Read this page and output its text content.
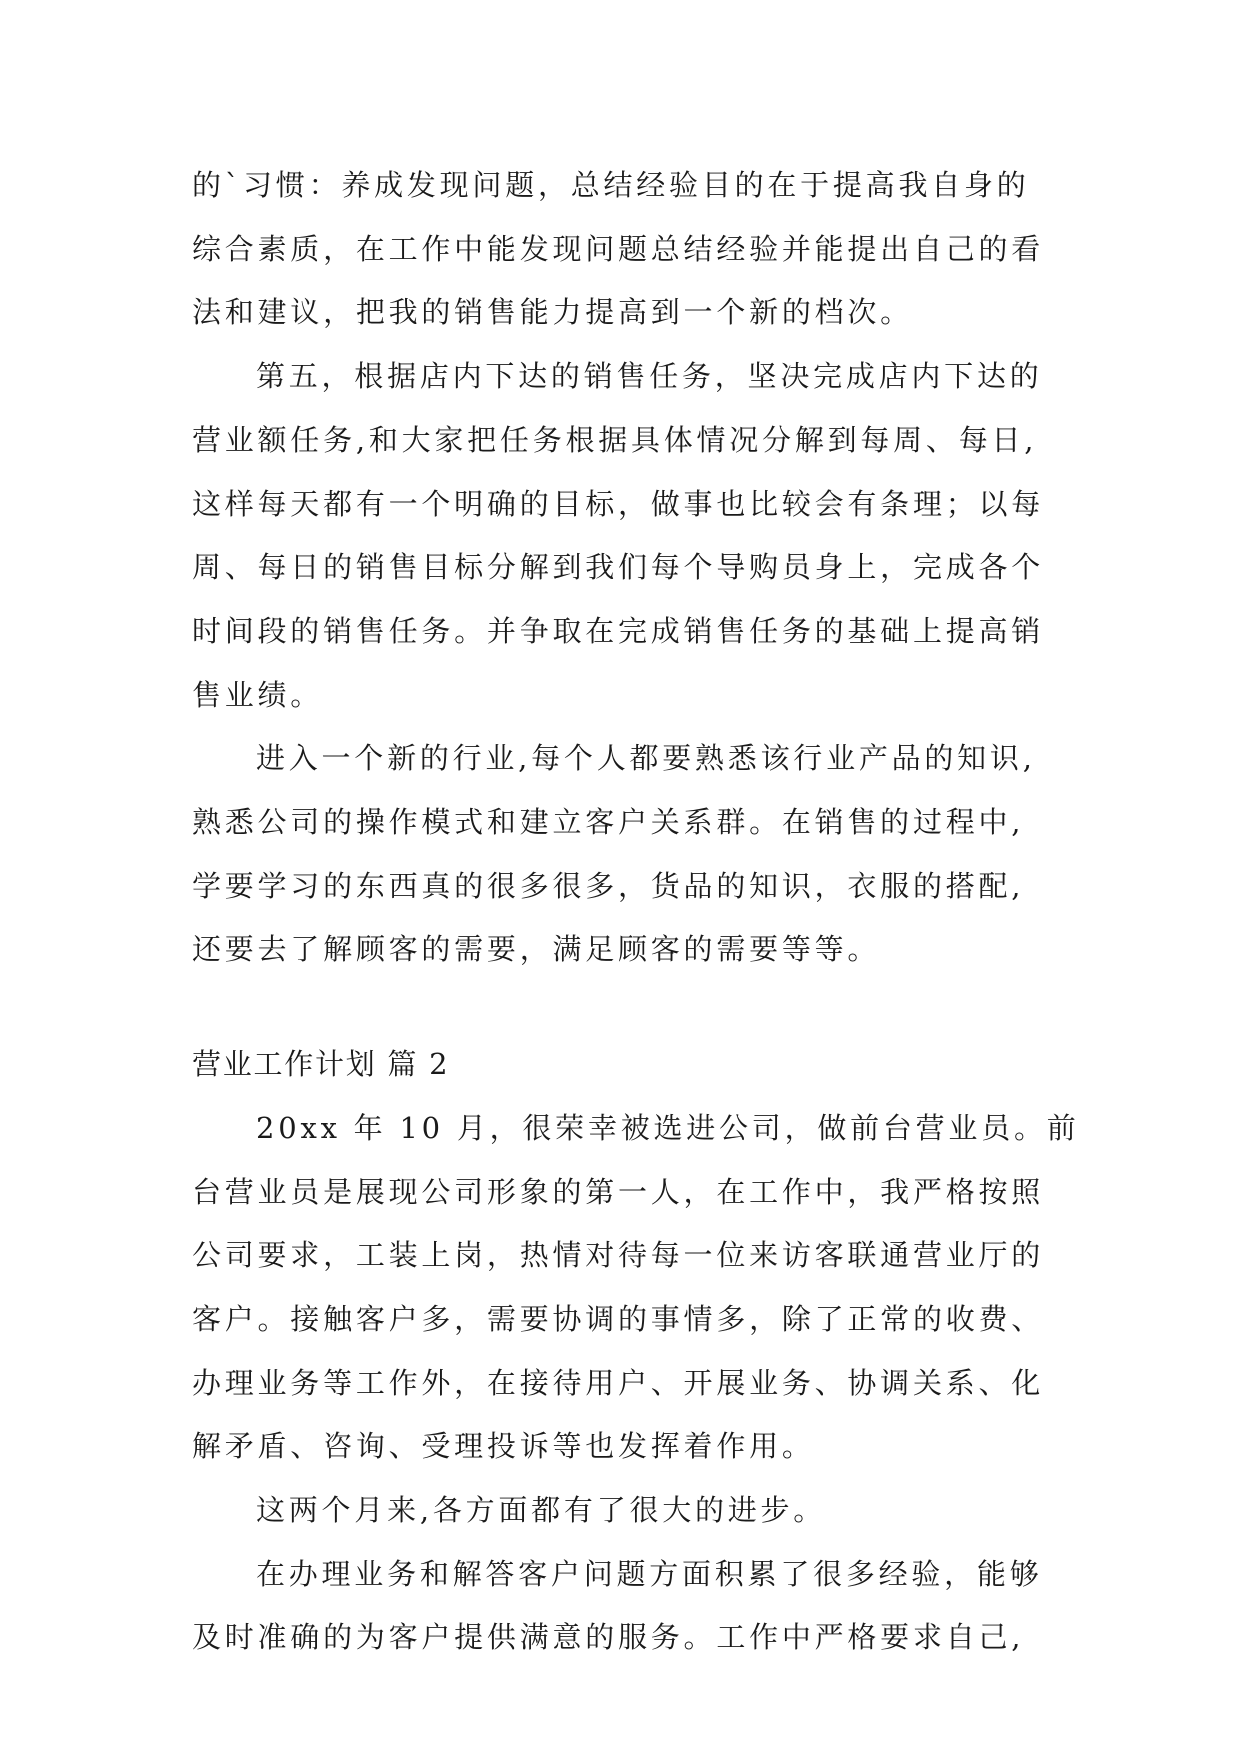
的`习惯：养成发现问题，总结经验目的在于提高我自身的
综合素质，在工作中能发现问题总结经验并能提出自己的看
法和建议，把我的销售能力提高到一个新的档次。
第五，根据店内下达的销售任务，坚决完成店内下达的
营业额任务,和大家把任务根据具体情况分解到每周、每日,
这样每天都有一个明确的目标，做事也比较会有条理；以每
周、每日的销售目标分解到我们每个导购员身上，完成各个
时间段的销售任务。并争取在完成销售任务的基础上提高销
售业绩。
进入一个新的行业,每个人都要熟悉该行业产品的知识,
熟悉公司的操作模式和建立客户关系群。在销售的过程中,
学要学习的东西真的很多很多，货品的知识，衣服的搭配,
还要去了解顾客的需要，满足顾客的需要等等。
营业工作计划 篇 2
20xx 年 10 月，很荣幸被选进公司，做前台营业员。前
台营业员是展现公司形象的第一人，在工作中，我严格按照
公司要求，工装上岗，热情对待每一位来访客联通营业厅的
客户。接触客户多，需要协调的事情多，除了正常的收费、
办理业务等工作外，在接待用户、开展业务、协调关系、化
解矛盾、咨询、受理投诉等也发挥着作用。
这两个月来,各方面都有了很大的进步。
在办理业务和解答客户问题方面积累了很多经验，能够
及时准确的为客户提供满意的服务。工作中严格要求自己,
